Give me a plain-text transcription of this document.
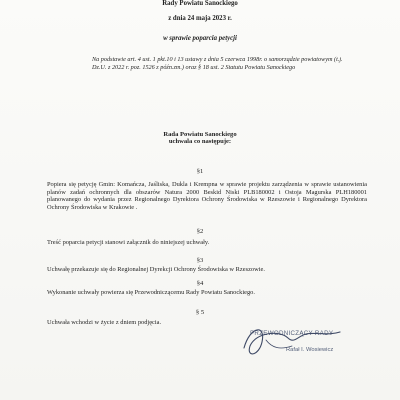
Rady Powiatu Sanockiego
z dnia 24 maja 2023 r.
w sprawie poparcia petycji
Na podstawie art. 4 ust. 1 pkt.10 i 13 ustawy z dnia 5 czerwca 1998r. o samorządzie powiatowym (t.j. Dz.U. z 2022 r. poz. 1526 z późn.zm.) oraz § 18 ust. 2 Statutu Powiatu Sanockiego
Rada Powiatu Sanockiego
uchwala co następuje:
§1
Popiera się petycję Gmin: Komańcza, Jaśliska, Dukla i Krempna w sprawie projektu zarządzenia w sprawie ustanowienia planów zadań ochronnych dla obszarów Natura 2000 Beskid Niski PLB180002 i Ostoja Magurska PLH180001 planowanego do wydania przez Regionalnego Dyrektora Ochrony Środowiska w Rzeszowie i Regionalnego Dyrektora Ochrony Środowiska w Krakowie .
§2
Treść poparcia petycji stanowi załącznik do niniejszej uchwały.
§3
Uchwałę przekazuje się do Regionalnej Dyrekcji Ochrony Środowiska w Rzeszowie.
§4
Wykonanie uchwały powierza się Przewodniczącemu Rady Powiatu Sanockiego.
§ 5
Uchwała wchodzi w życie z dniem podjęcia.
PRZEWODNICZĄCY RADY
Rafał I. Wosiewicz
